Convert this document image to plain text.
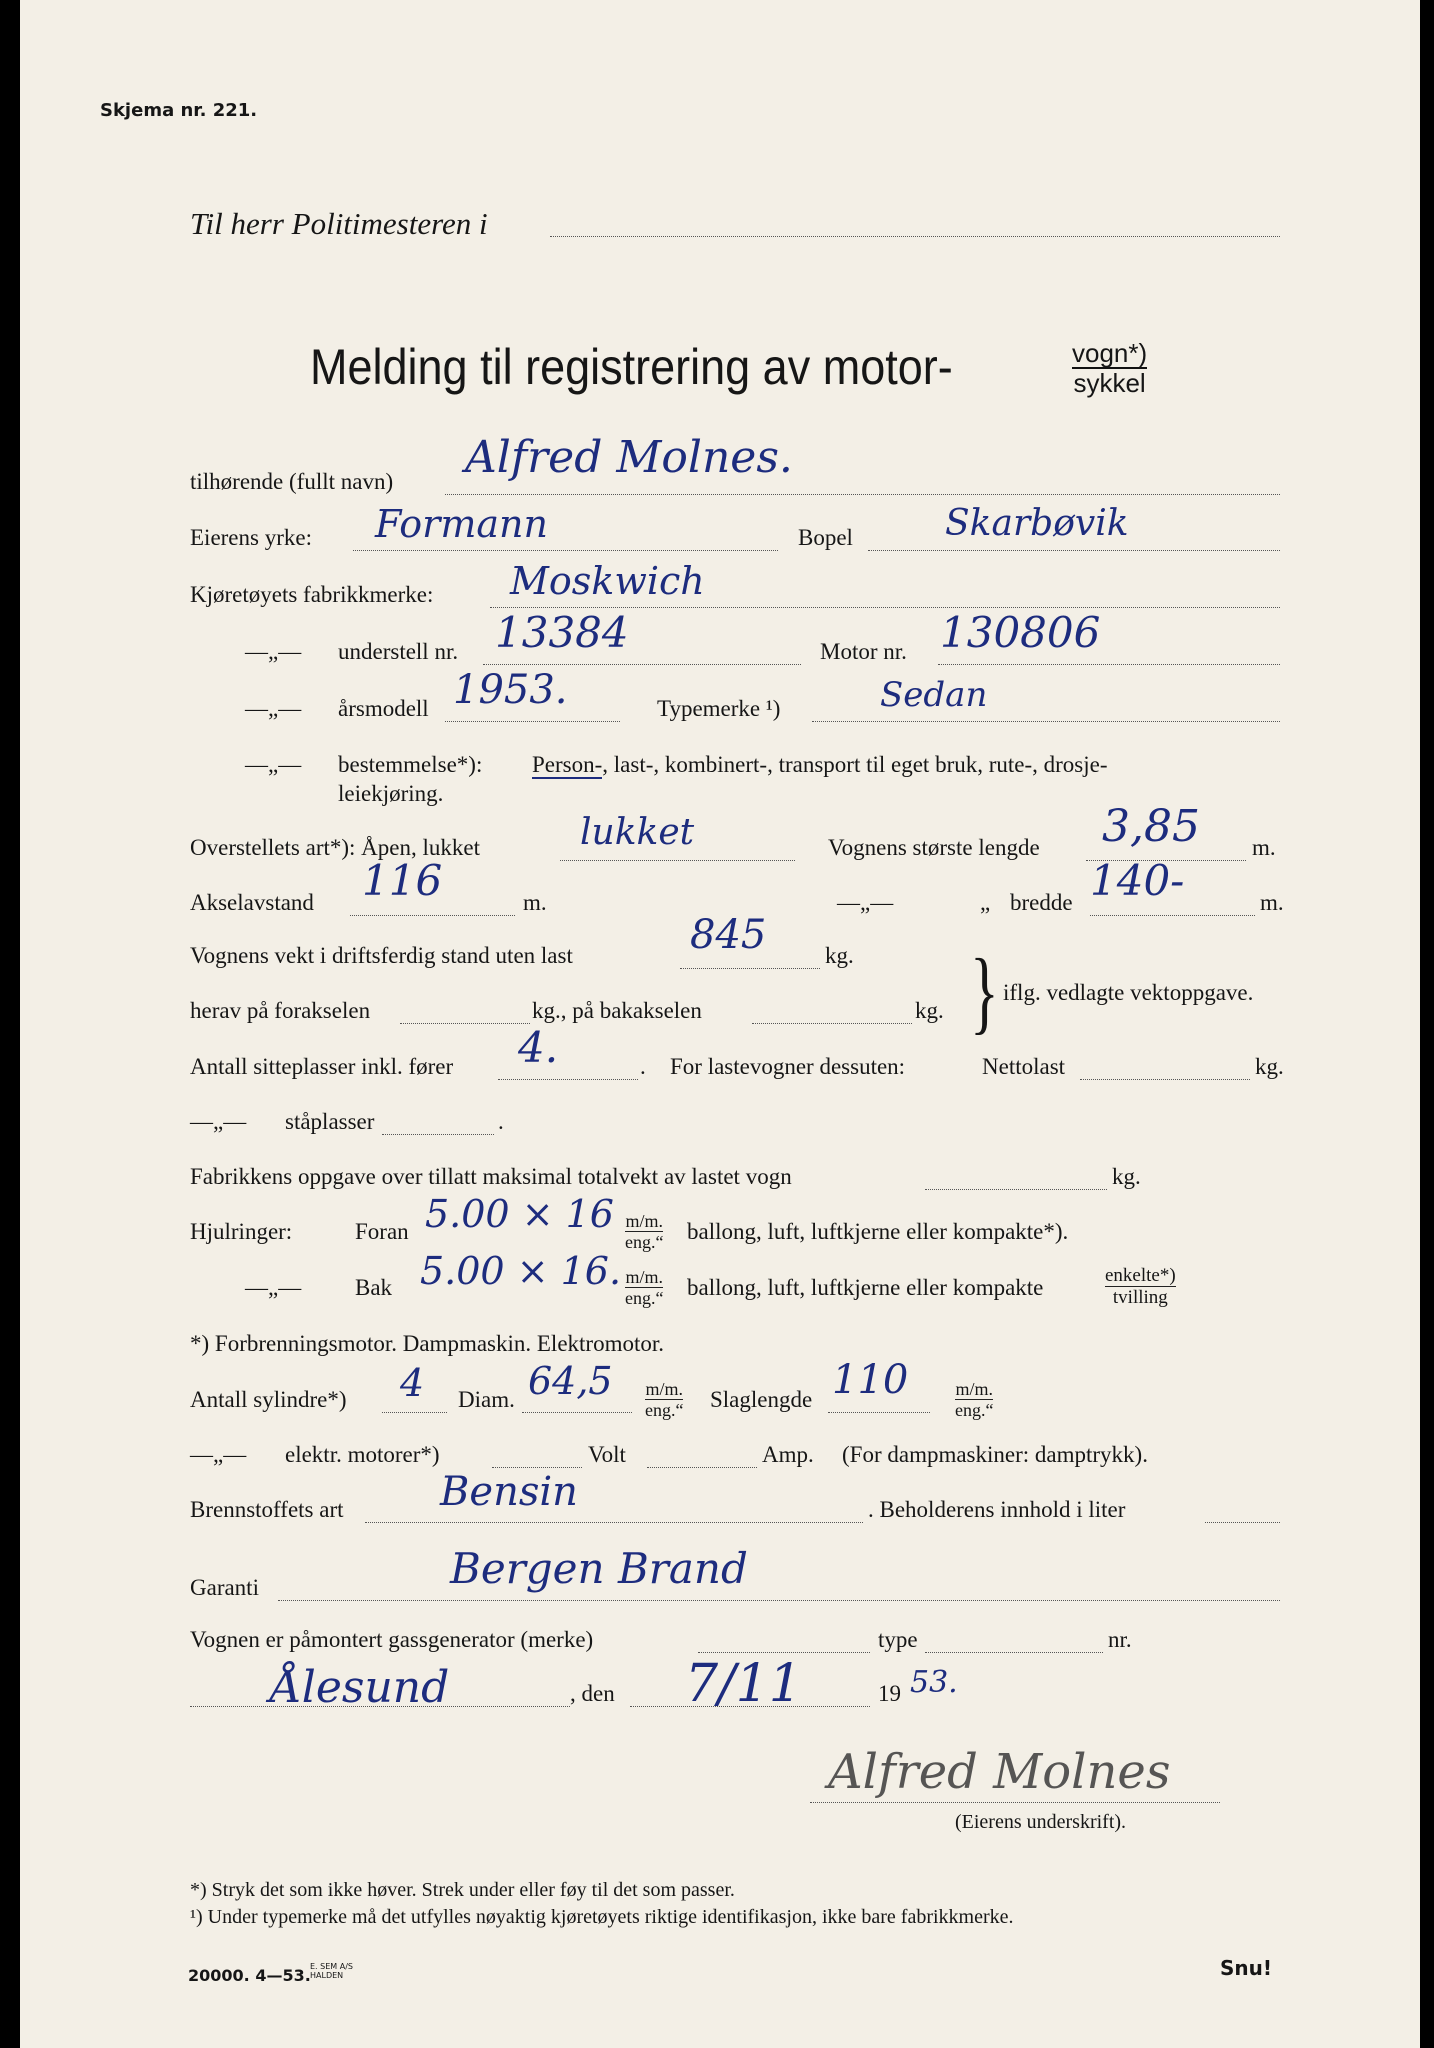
Skjema nr. 221.
Til herr Politimesteren i
Melding til registrering av motor-	vogn*)
sykkel
tilhørende (fullt navn) Alfred Molnes.
Eierens yrke: Formann	Bopel	Skarbøvik
Kjøretøyets fabrikkmerke: Moskwich
—„— understell nr. 13384	Motor nr. 130806
—„— årsmodell 1953.	Typemerke ¹)	Sedan
—„— bestemmelse*): Person-, last-, kombinert-, transport til eget bruk, rute-, drosje-
leiekjøring.
Overstellets art*): Åpen, lukket	lukket	Vognens største lengde 3,85 m.
Akselavstand 116	m.	—„—	„ bredde 140-	m.
Vognens vekt i driftsferdig stand uten last	845	kg.
herav på forakselen	kg., på bakakselen	kg. } iflg. vedlagte vektoppgave.
Antall sitteplasser inkl. fører 4.	. For lastevogner dessuten:	Nettolast	kg.
—„— ståplasser	.
Fabrikkens oppgave over tillatt maksimal totalvekt av lastet vogn	kg.
Hjulringer:	Foran 5.00 × 16 m/m.
eng.“ ballong, luft, luftkjerne eller kompakte*).
—„— Bak 5.00 × 16. m/m.
eng.“ ballong, luft, luftkjerne eller kompakte	enkelte*)
tvilling
*) Forbrenningsmotor. Dampmaskin. Elektromotor.
Antall sylindre*) 4 Diam. 64,5 m/m.
eng.“ Slaglengde 110	m/m.
eng.“
—„— elektr. motorer*)	Volt	Amp. (For dampmaskiner: damptrykk).
Brennstoffets art Bensin	. Beholderens innhold i liter
Garanti	Bergen Brand
Vognen er påmontert gassgenerator (merke)	type	nr.
Ålesund	, den 7/11	19 53.
Alfred Molnes
(Eierens underskrift).
*) Stryk det som ikke høver. Strek under eller føy til det som passer.
¹) Under typemerke må det utfylles nøyaktig kjøretøyets riktige identifikasjon, ikke bare fabrikkmerke.
20000. 4—53. E. SEM A/S HALDEN	Snu!
